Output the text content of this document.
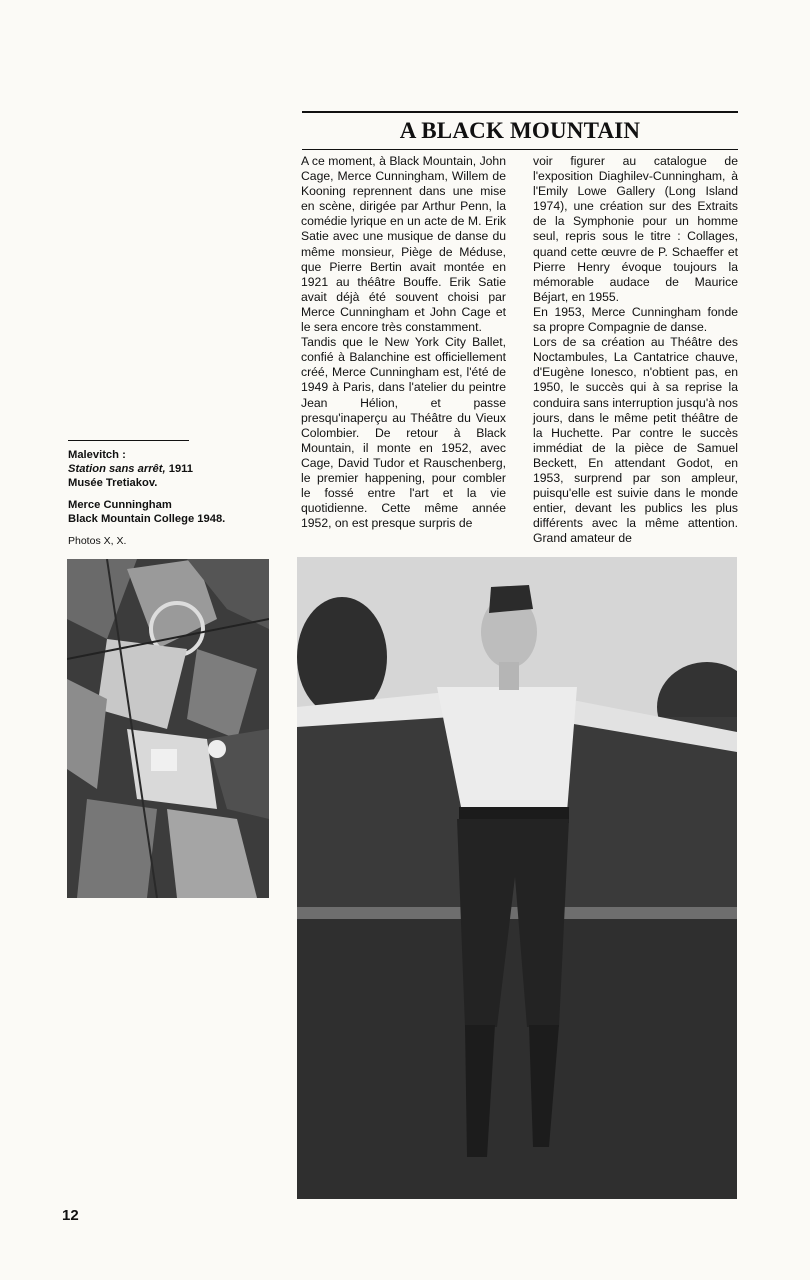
A BLACK MOUNTAIN

A ce moment, à Black Mountain, John Cage, Merce Cunningham, Willem de Kooning reprennent dans une mise en scène, dirigée par Arthur Penn, la comédie lyrique en un acte de M. Erik Satie avec une musique de danse du même monsieur, Piège de Méduse, que Pierre Bertin avait montée en 1921 au théâtre Bouffe. Erik Satie avait déjà été souvent choisi par Merce Cunningham et John Cage et le sera encore très constamment.

Tandis que le New York City Ballet, confié à Balanchine est officiellement créé, Merce Cunningham est, l'été de 1949 à Paris, dans l'atelier du peintre Jean Hélion, et passe presqu'inaperçu au Théâtre du Vieux Colombier. De retour à Black Mountain, il monte en 1952, avec Cage, David Tudor et Rauschenberg, le premier happening, pour combler le fossé entre l'art et la vie quotidienne. Cette même année 1952, on est presque surpris de

voir figurer au catalogue de l'exposition Diaghilev-Cunningham, à l'Emily Lowe Gallery (Long Island 1974), une création sur des Extraits de la Symphonie pour un homme seul, repris sous le titre : Collages, quand cette œuvre de P. Schaeffer et Pierre Henry évoque toujours la mémorable audace de Maurice Béjart, en 1955.

En 1953, Merce Cunningham fonde sa propre Compagnie de danse.

Lors de sa création au Théâtre des Noctambules, La Cantatrice chauve, d'Eugène Ionesco, n'obtient pas, en 1950, le succès qui à sa reprise la conduira sans interruption jusqu'à nos jours, dans le même petit théâtre de la Huchette. Par contre le succès immédiat de la pièce de Samuel Beckett, En attendant Godot, en 1953, surprend par son ampleur, puisqu'elle est suivie dans le monde entier, devant les publics les plus différents avec la même attention. Grand amateur de

Malevitch :

Station sans arrêt, 1911

Musée Tretiakov.

Merce Cunningham

Black Mountain College 1948.

Photos X, X.

12
